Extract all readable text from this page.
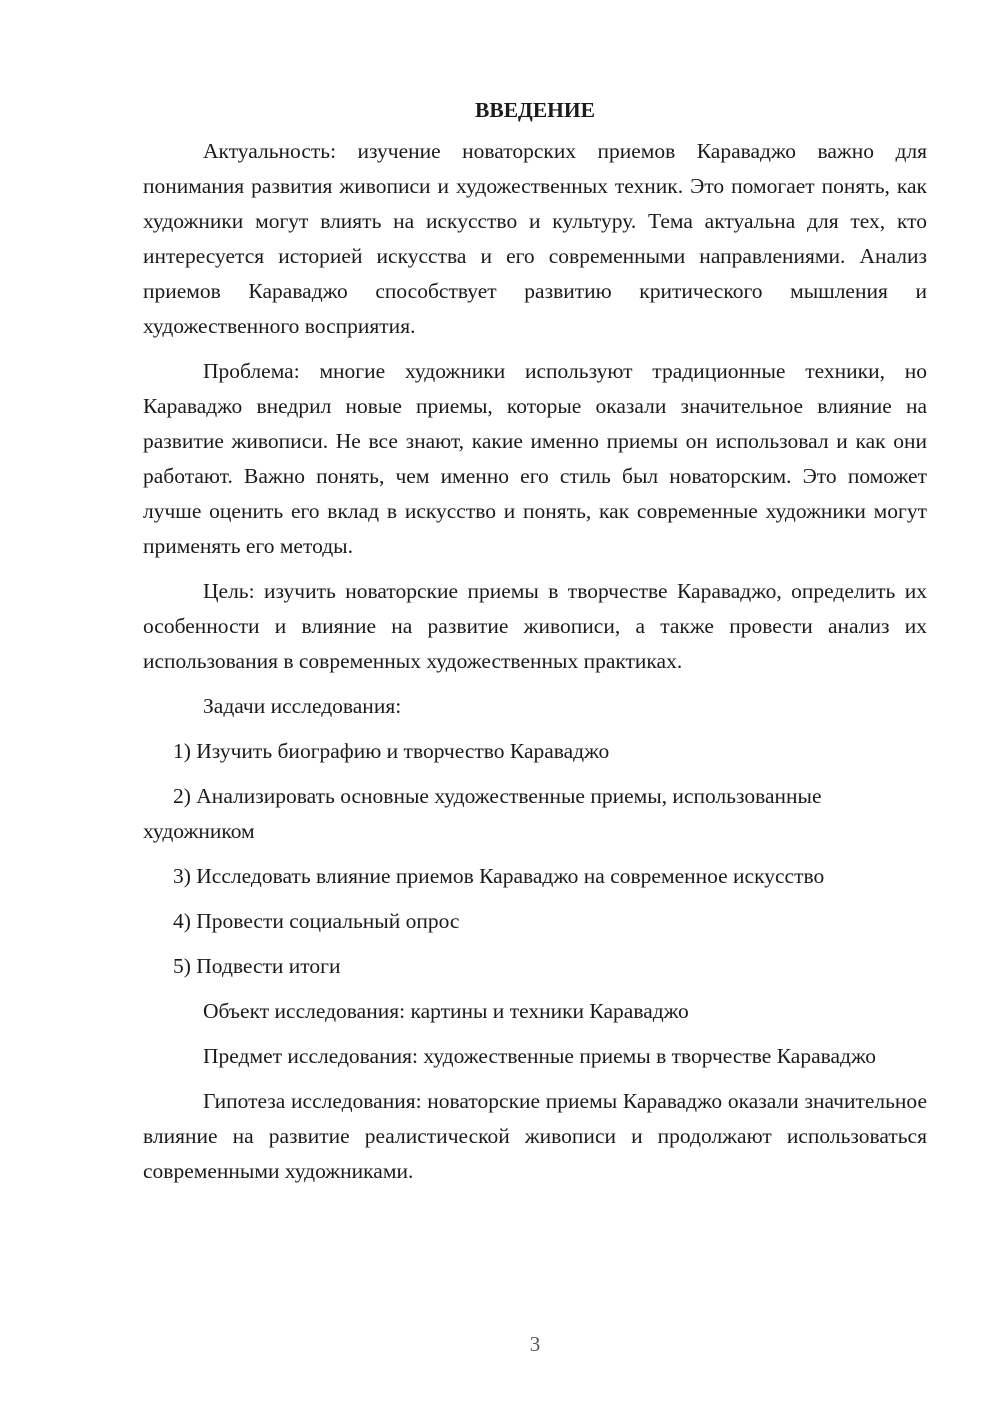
ВВЕДЕНИЕ

Актуальность: изучение новаторских приемов Караваджо важно для понимания развития живописи и художественных техник. Это помогает понять, как художники могут влиять на искусство и культуру. Тема актуальна для тех, кто интересуется историей искусства и его современными направлениями. Анализ приемов Караваджо способствует развитию критического мышления и художественного восприятия.

Проблема: многие художники используют традиционные техники, но Караваджо внедрил новые приемы, которые оказали значительное влияние на развитие живописи. Не все знают, какие именно приемы он использовал и как они работают. Важно понять, чем именно его стиль был новаторским. Это поможет лучше оценить его вклад в искусство и понять, как современные художники могут применять его методы.

Цель: изучить новаторские приемы в творчестве Караваджо, определить их особенности и влияние на развитие живописи, а также провести анализ их использования в современных художественных практиках.

Задачи исследования:

1) Изучить биографию и творчество Караваджо

2) Анализировать основные художественные приемы, использованные художником

3) Исследовать влияние приемов Караваджо на современное искусство

4) Провести социальный опрос

5) Подвести итоги

Объект исследования: картины и техники Караваджо

Предмет исследования: художественные приемы в творчестве Караваджо

Гипотеза исследования: новаторские приемы Караваджо оказали значительное влияние на развитие реалистической живописи и продолжают использоваться современными художниками.

3
